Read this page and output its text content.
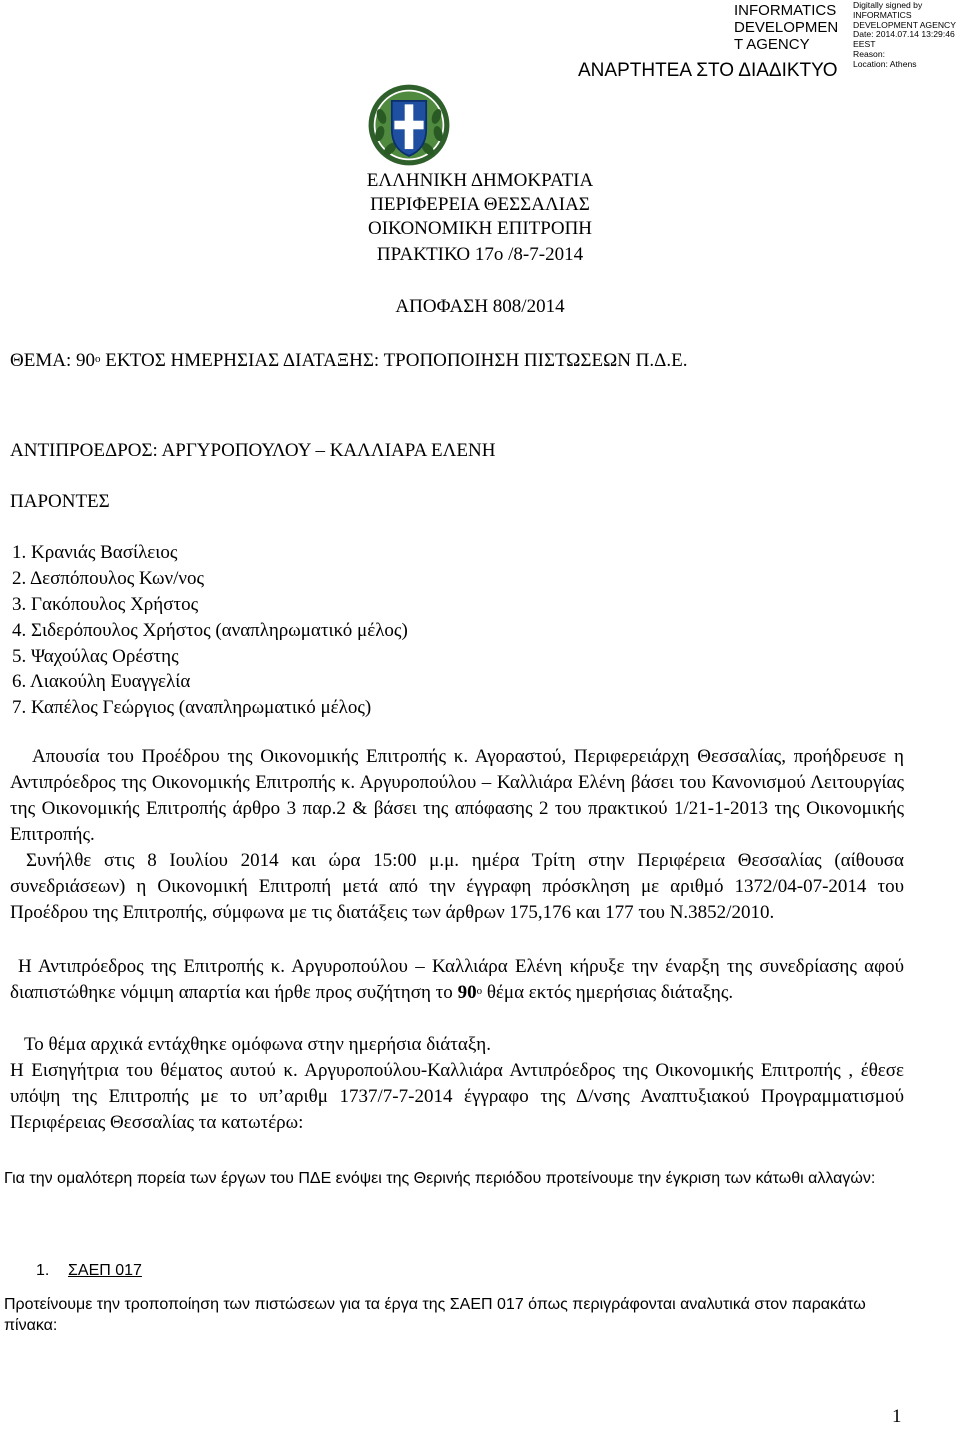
INFORMATICS
DEVELOPMEN
T AGENCY
Digitally signed by
INFORMATICS
DEVELOPMENT AGENCY
Date: 2014.07.14 13:29:46
EEST
Reason:
Location: Athens
ΑΝΑΡΤΗΤΕΑ ΣΤΟ ΔΙΑΔΙΚΤΥΟ
ΕΛΛΗΝΙΚΗ ΔΗΜΟΚΡΑΤΙΑ
ΠΕΡΙΦΕΡΕΙΑ ΘΕΣΣΑΛΙΑΣ
ΟΙΚΟΝΟΜΙΚΗ ΕΠΙΤΡΟΠΗ
ΠΡΑΚΤΙΚΟ 17ο /8-7-2014
ΑΠΟΦΑΣΗ 808/2014
ΘΕΜΑ: $90^o$ ΕΚΤΟΣ ΗΜΕΡΗΣΙΑΣ ΔΙΑΤΑΞΗΣ: ΤΡΟΠΟΠΟΙΗΣΗ ΠΙΣΤΩΣΕΩΝ Π.Δ.Ε.
ΑΝΤΙΠΡΟΕΔΡΟΣ: ΑΡΓΥΡΟΠΟΥΛΟΥ – ΚΑΛΛΙΑΡΑ ΕΛΕΝΗ
ΠΑΡΟΝΤΕΣ
1. Κρανιάς Βασίλειος
2. Δεσπόπουλος Κων/νος
3. Γακόπουλος Χρήστος
4. Σιδερόπουλος Χρήστος (αναπληρωματικό μέλος)
5. Ψαχούλας Ορέστης
6. Λιακούλη Ευαγγελία
7. Καπέλος Γεώργιος (αναπληρωματικό μέλος)
Απουσία του Προέδρου της Οικονομικής Επιτροπής κ. Αγοραστού, Περιφερειάρχη Θεσσαλίας, προήδρευσε η Αντιπρόεδρος της Οικονομικής Επιτροπής κ. Αργυροπούλου – Καλλιάρα Ελένη βάσει του Κανονισμού Λειτουργίας της Οικονομικής Επιτροπής άρθρο 3 παρ.2 & βάσει της απόφασης 2 του πρακτικού 1/21-1-2013 της Οικονομικής Επιτροπής.
Συνήλθε στις 8 Ιουλίου 2014 και ώρα 15:00 μ.μ. ημέρα Τρίτη στην Περιφέρεια Θεσσαλίας (αίθουσα συνεδριάσεων) η Οικονομική Επιτροπή μετά από την έγγραφη πρόσκληση με αριθμό 1372/04-07-2014 του Προέδρου της Επιτροπής, σύμφωνα με τις διατάξεις των άρθρων 175,176 και 177 του Ν.3852/2010.
Η Αντιπρόεδρος της Επιτροπής κ. Αργυροπούλου – Καλλιάρα Ελένη κήρυξε την έναρξη της συνεδρίασης αφού διαπιστώθηκε νόμιμη απαρτία και ήρθε προς συζήτηση το $90^o$ θέμα εκτός ημερήσιας διάταξης.
Το θέμα αρχικά εντάχθηκε ομόφωνα στην ημερήσια διάταξη.
Η Εισηγήτρια του θέματος αυτού κ. Αργυροπούλου-Καλλιάρα Αντιπρόεδρος της Οικονομικής Επιτροπής , έθεσε υπόψη της Επιτροπής με το υπ’αριθμ 1737/7-7-2014 έγγραφο της Δ/νσης Αναπτυξιακού Προγραμματισμού Περιφέρειας Θεσσαλίας τα κατωτέρω:
Για την ομαλότερη πορεία των έργων του ΠΔΕ ενόψει της Θερινής περιόδου προτείνουμε την έγκριση των κάτωθι αλλαγών:
1. ΣΑΕΠ 017
Προτείνουμε την τροποποίηση των πιστώσεων για τα έργα της ΣΑΕΠ 017 όπως περιγράφονται αναλυτικά στον παρακάτω πίνακα:
1
